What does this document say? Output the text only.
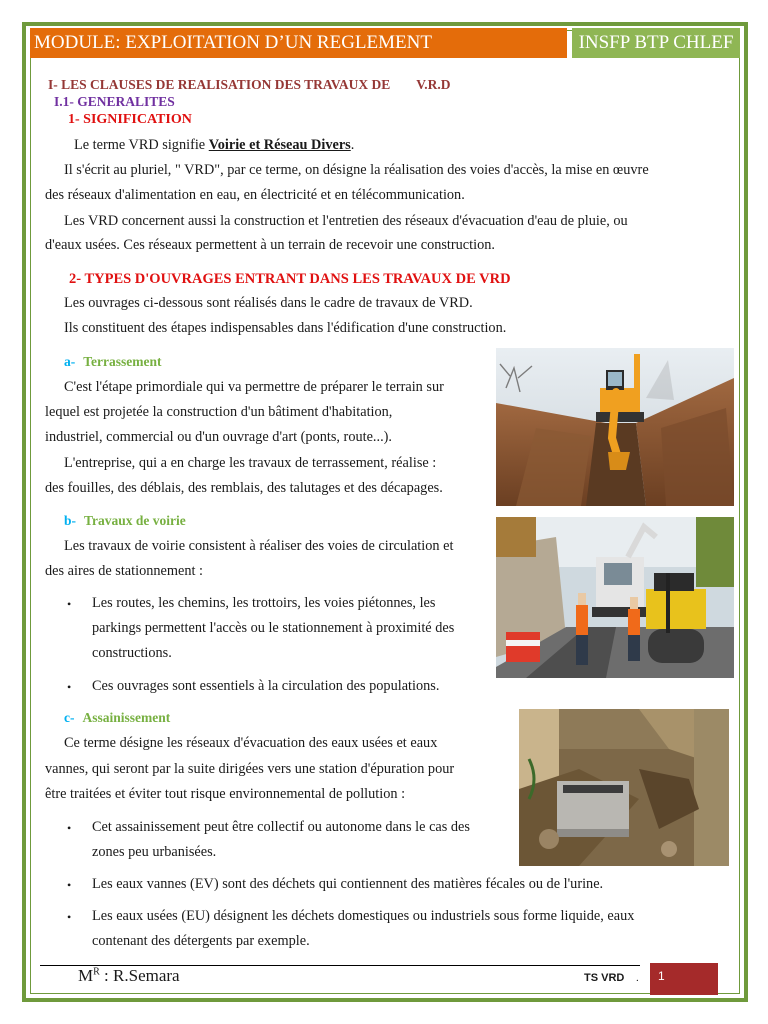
MODULE: EXPLOITATION D’UN REGLEMENT	INSFP BTP CHLEF
I- LES CLAUSES DE REALISATION DES TRAVAUX DE V.R.D
I.1- GENERALITES
1- SIGNIFICATION
Le terme VRD signifie Voirie et Réseau Divers.
Il s'écrit au pluriel, " VRD", par ce terme, on désigne la réalisation des voies d'accès, la mise en œuvre
des réseaux d'alimentation en eau, en électricité et en télécommunication.
Les VRD concernent aussi la construction et l'entretien des réseaux d'évacuation d'eau de pluie, ou
d'eaux usées. Ces réseaux permettent à un terrain de recevoir une construction.
2- TYPES D'OUVRAGES ENTRANT DANS LES TRAVAUX DE VRD
Les ouvrages ci-dessous sont réalisés dans le cadre de travaux de VRD.
Ils constituent des étapes indispensables dans l'édification d'une construction.
a- Terrassement
C'est l'étape primordiale qui va permettre de préparer le terrain sur
lequel est projetée la construction d'un bâtiment d'habitation,
industriel, commercial ou d'un ouvrage d'art (ponts, route...).
L'entreprise, qui a en charge les travaux de terrassement, réalise :
des fouilles, des déblais, des remblais, des talutages et des décapages.
b- Travaux de voirie
Les travaux de voirie consistent à réaliser des voies de circulation et
des aires de stationnement :
• Les routes, les chemins, les trottoirs, les voies piétonnes, les
parkings permettent l'accès ou le stationnement à proximité des
constructions.
• Ces ouvrages sont essentiels à la circulation des populations.
c- Assainissement
Ce terme désigne les réseaux d'évacuation des eaux usées et eaux
vannes, qui seront par la suite dirigées vers une station d'épuration pour
être traitées et éviter tout risque environnemental de pollution :
• Cet assainissement peut être collectif ou autonome dans le cas des
zones peu urbanisées.
• Les eaux vannes (EV) sont des déchets qui contiennent des matières fécales ou de l'urine.
• Les eaux usées (EU) désignent les déchets domestiques ou industriels sous forme liquide, eaux
contenant des détergents par exemple.
$M^R$ : R.Semara	TS VRD .	1
